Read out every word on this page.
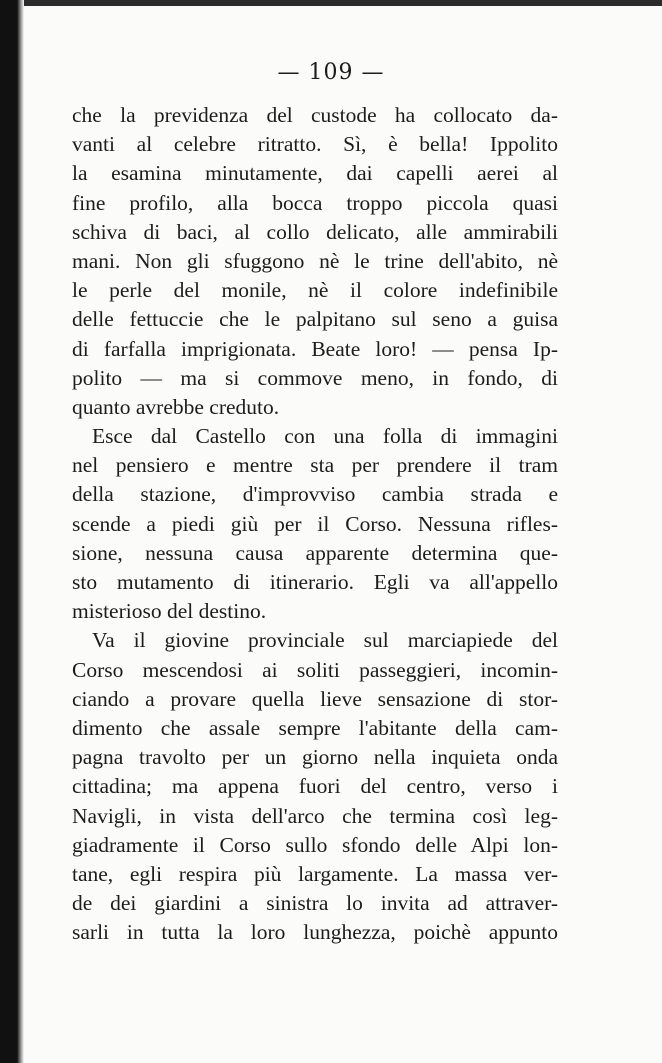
— 109 —
che la previdenza del custode ha collocato da-
vanti al celebre ritratto. Sì, è bella! Ippolito
la esamina minutamente, dai capelli aerei al
fine profilo, alla bocca troppo piccola quasi
schiva di baci, al collo delicato, alle ammirabili
mani. Non gli sfuggono nè le trine dell'abito, nè
le perle del monile, nè il colore indefinibile
delle fettuccie che le palpitano sul seno a guisa
di farfalla imprigionata. Beate loro! — pensa Ip-
polito — ma si commove meno, in fondo, di
quanto avrebbe creduto.
Esce dal Castello con una folla di immagini
nel pensiero e mentre sta per prendere il tram
della stazione, d'improvviso cambia strada e
scende a piedi giù per il Corso. Nessuna rifles-
sione, nessuna causa apparente determina que-
sto mutamento di itinerario. Egli va all'appello
misterioso del destino.
Va il giovine provinciale sul marciapiede del
Corso mescendosi ai soliti passeggieri, incomin-
ciando a provare quella lieve sensazione di stor-
dimento che assale sempre l'abitante della cam-
pagna travolto per un giorno nella inquieta onda
cittadina; ma appena fuori del centro, verso i
Navigli, in vista dell'arco che termina così leg-
giadramente il Corso sullo sfondo delle Alpi lon-
tane, egli respira più largamente. La massa ver-
de dei giardini a sinistra lo invita ad attraver-
sarli in tutta la loro lunghezza, poichè appunto
